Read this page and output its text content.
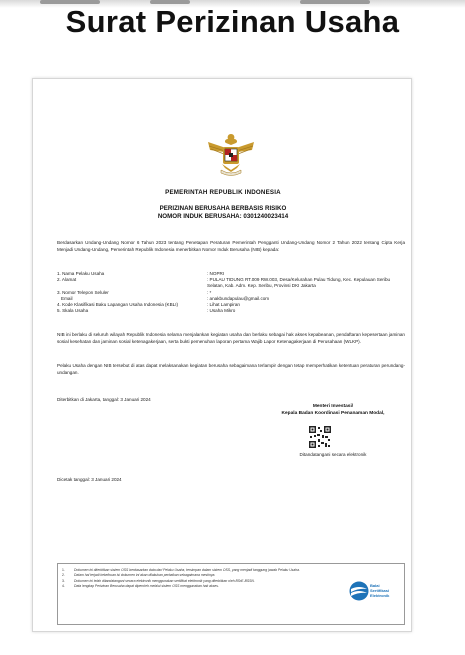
Surat Perizinan Usaha
PEMERINTAH REPUBLIK INDONESIA
PERIZINAN BERUSAHA BERBASIS RISIKO
NOMOR INDUK BERUSAHA: 0301240023414
Berdasarkan Undang-Undang Nomor 6 Tahun 2023 tentang Penetapan Peraturan Pemerintah Pengganti Undang-Undang Nomor 2 Tahun 2022 tentang Cipta Kerja Menjadi Undang-Undang, Pemerintah Republik Indonesia menerbitkan Nomor Induk Berusaha (NIB) kepada:
1. Nama Pelaku Usaha	: NOPRI
2. Alamat	: PULAU TIDUNG RT.009 RW.003, Desa/Kelurahan Pulau Tidung, Kec. Kepulauan Seribu Selatan, Kab. Adm. Kep. Seribu, Provinsi DKI Jakarta
3. Nomor Telepon Seluler	: *
Email	: anakbundapulau@gmail.com
4. Kode Klasifikasi Baku Lapangan Usaha Indonesia (KBLI)	: Lihat Lampiran
5. Skala Usaha	: Usaha Mikro
NIB ini berlaku di seluruh wilayah Republik Indonesia selama menjalankan kegiatan usaha dan berlaku sebagai hak akses kepabeanan, pendaftaran kepesertaan jaminan sosial kesehatan dan jaminan sosial ketenagakerjaan, serta bukti pemenuhan laporan pertama Wajib Lapor Ketenagakerjaan di Perusahaan (WLKP).
Pelaku Usaha dengan NIB tersebut di atas dapat melaksanakan kegiatan berusaha sebagaimana terlampir dengan tetap memperhatikan ketentuan peraturan perundang-undangan.
Diterbitkan di Jakarta, tanggal: 3 Januari 2024
Menteri Investasi/
Kepala Badan Koordinasi Penanaman Modal,
Ditandatangani secara elektronik
Dicetak tanggal: 3 Januari 2024
1.	Dokumen ini diterbitkan sistem OSS berdasarkan data dari Pelaku Usaha, tersimpan dalam sistem OSS, yang menjadi tanggung jawab Pelaku Usaha.
2.	Dalam hal terjadi kekeliruan isi dokumen ini akan dilakukan perbaikan sebagaimana mestinya.
3.	Dokumen ini telah ditandatangani secara elektronik menggunakan sertifikat elektronik yang diterbitkan oleh BSrE-BSSN.
4.	Data lengkap Perizinan Berusaha dapat diperoleh melalui sistem OSS menggunakan hak akses.	Balai
Sertifikasi
Elektronik
